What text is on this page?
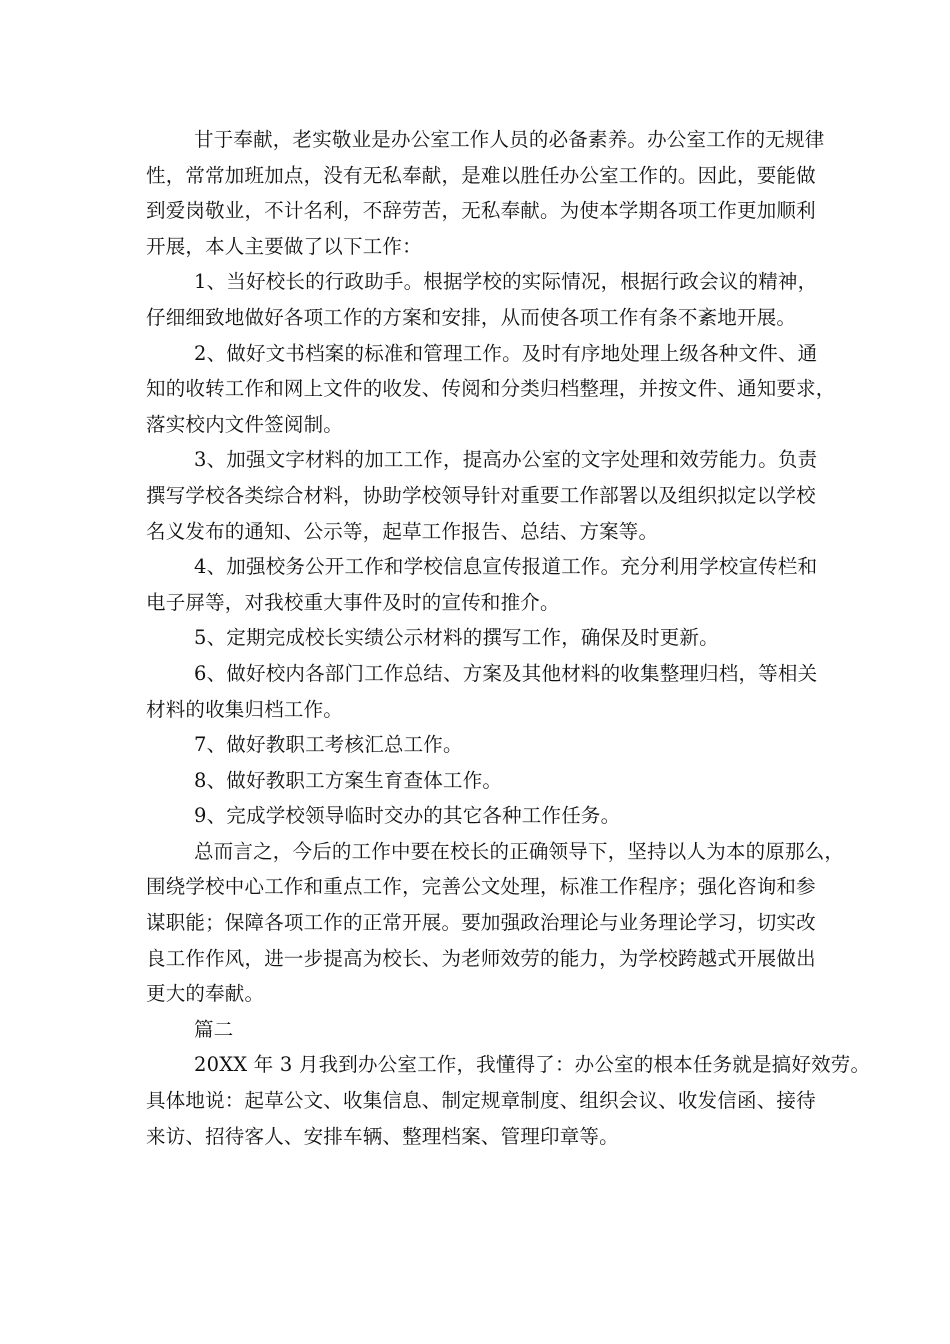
甘于奉献，老实敬业是办公室工作人员的必备素养。办公室工作的无规律
性，常常加班加点，没有无私奉献，是难以胜任办公室工作的。因此，要能做
到爱岗敬业，不计名利，不辞劳苦，无私奉献。为使本学期各项工作更加顺利
开展，本人主要做了以下工作：
1、当好校长的行政助手。根据学校的实际情况，根据行政会议的精神，
仔细细致地做好各项工作的方案和安排，从而使各项工作有条不紊地开展。
2、做好文书档案的标准和管理工作。及时有序地处理上级各种文件、通
知的收转工作和网上文件的收发、传阅和分类归档整理，并按文件、通知要求，
落实校内文件签阅制。
3、加强文字材料的加工工作，提高办公室的文字处理和效劳能力。负责
撰写学校各类综合材料，协助学校领导针对重要工作部署以及组织拟定以学校
名义发布的通知、公示等，起草工作报告、总结、方案等。
4、加强校务公开工作和学校信息宣传报道工作。充分利用学校宣传栏和
电子屏等，对我校重大事件及时的宣传和推介。
5、定期完成校长实绩公示材料的撰写工作，确保及时更新。
6、做好校内各部门工作总结、方案及其他材料的收集整理归档，等相关
材料的收集归档工作。
7、做好教职工考核汇总工作。
8、做好教职工方案生育查体工作。
9、完成学校领导临时交办的其它各种工作任务。
总而言之，今后的工作中要在校长的正确领导下，坚持以人为本的原那么，
围绕学校中心工作和重点工作，完善公文处理，标准工作程序；强化咨询和参
谋职能；保障各项工作的正常开展。要加强政治理论与业务理论学习，切实改
良工作作风，进一步提高为校长、为老师效劳的能力，为学校跨越式开展做出
更大的奉献。
篇二
20XX 年 3 月我到办公室工作，我懂得了：办公室的根本任务就是搞好效劳。
具体地说：起草公文、收集信息、制定规章制度、组织会议、收发信函、接待
来访、招待客人、安排车辆、整理档案、管理印章等。
